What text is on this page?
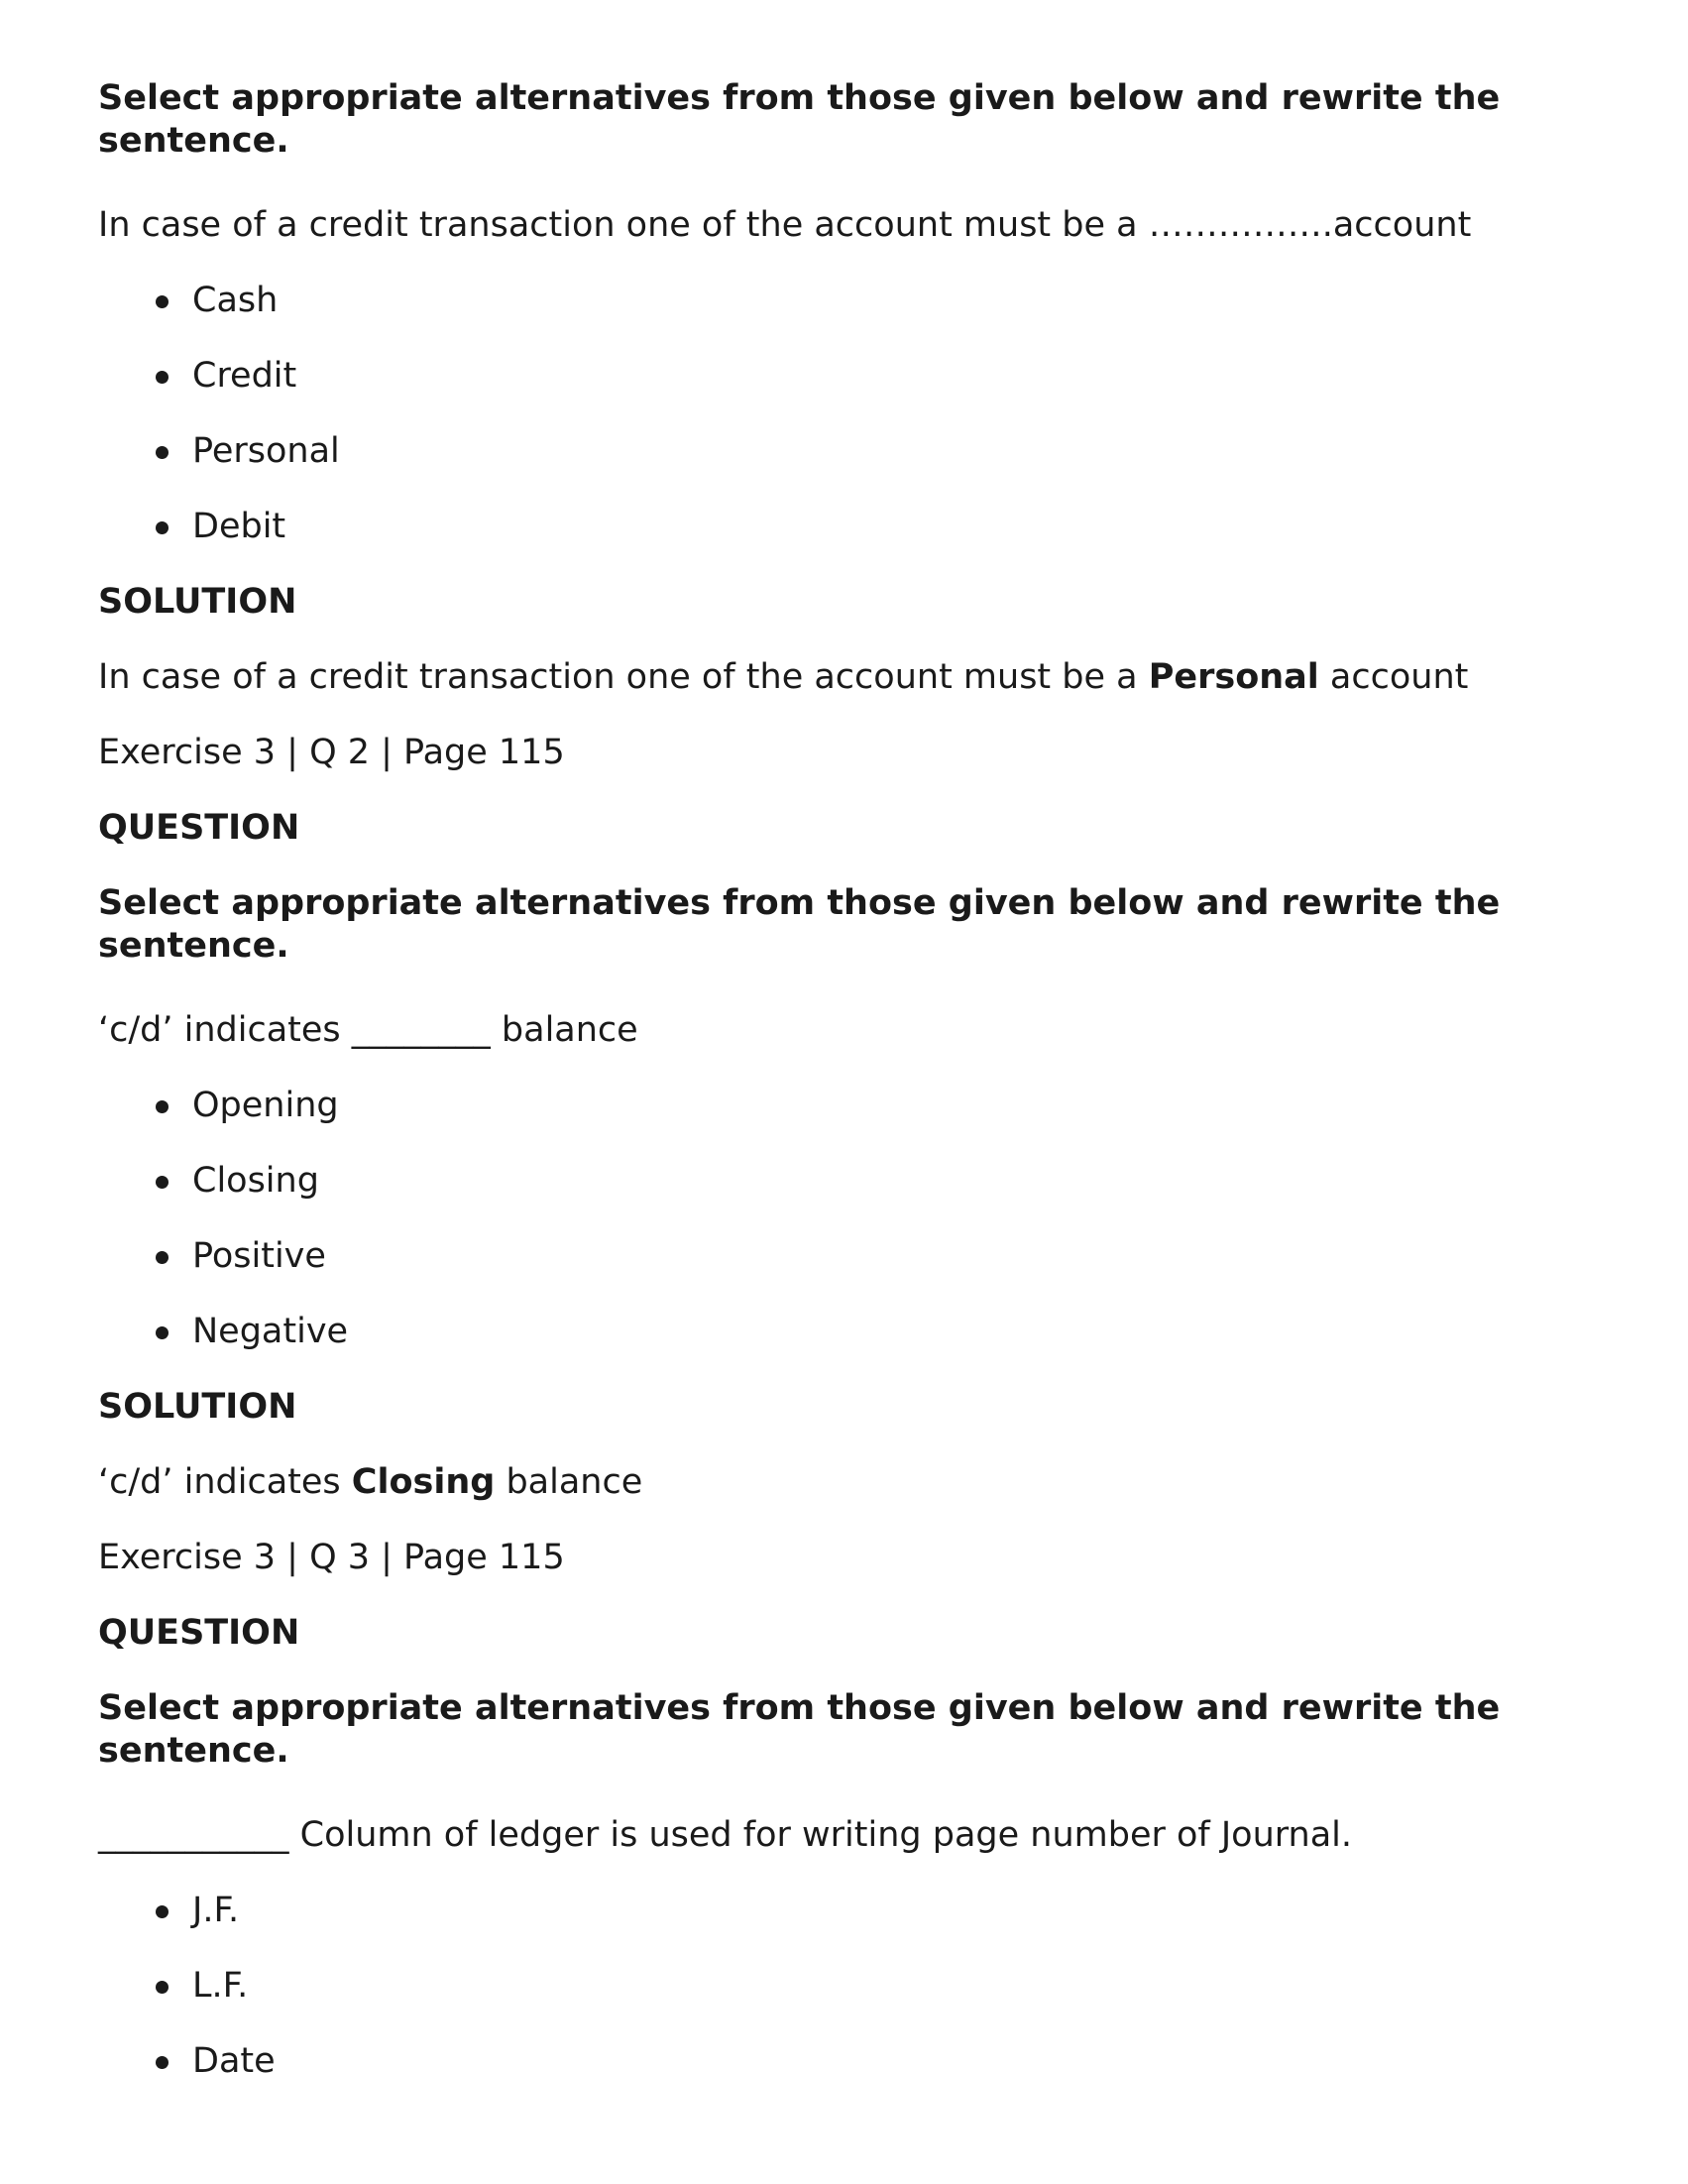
Select appropriate alternatives from those given below and rewrite the sentence.

In case of a credit transaction one of the account must be a …………….account

Cash
Credit
Personal
Debit

SOLUTION

In case of a credit transaction one of the account must be a Personal account

Exercise 3 | Q 2 | Page 115

QUESTION

Select appropriate alternatives from those given below and rewrite the sentence.

‘c/d’ indicates ________ balance

Opening
Closing
Positive
Negative

SOLUTION

‘c/d’ indicates Closing balance

Exercise 3 | Q 3 | Page 115

QUESTION

Select appropriate alternatives from those given below and rewrite the sentence.

___________ Column of ledger is used for writing page number of Journal.

J.F.
L.F.
Date
